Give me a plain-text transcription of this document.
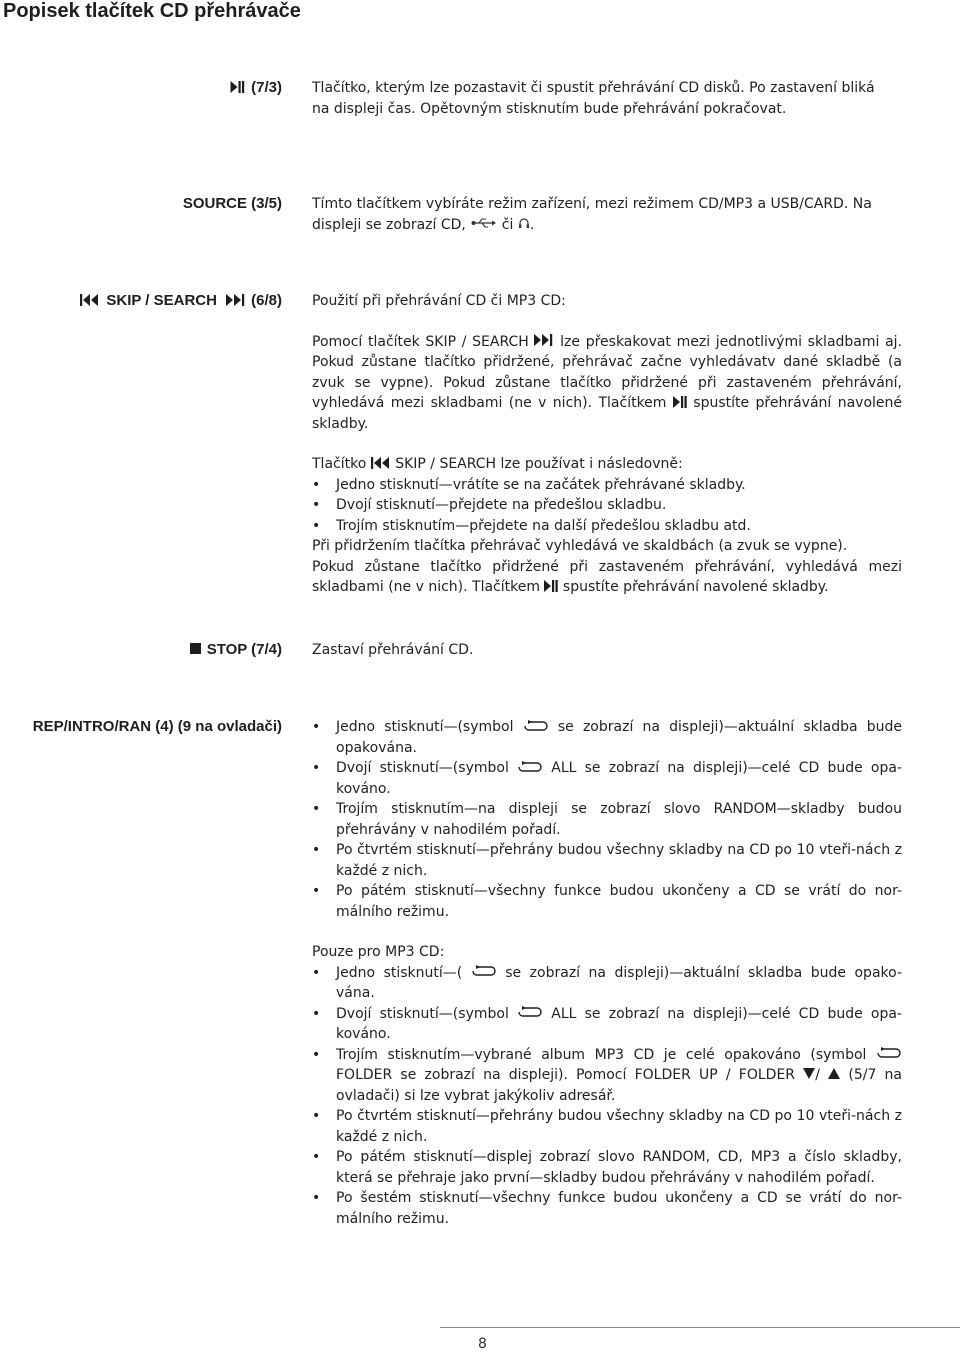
Popisek tlačítek CD přehrávače
(7/3) Tlačítko, kterým lze pozastavit či spustit přehrávání CD disků. Po zastavení bliká

na displeji čas. Opětovným stisknutím bude přehrávání pokračovat.

SOURCE (3/5) Tímto tlačítkem vybíráte režim zařízení, mezi režimem CD/MP3 a USB/CARD. Na

displeji se zobrazí CD,	či .

SKIP / SEARCH (6/8) Použití při přehrávání CD či MP3 CD:

Pomocí tlačítek SKIP / SEARCH lze přeskakovat mezi jednotlivými skladbami aj. Pokud zůstane tlačítko přidržené, přehrávač začne vyhledávatv dané skladbě (a zvuk se vypne). Pokud zůstane tlačítko přidržené při zastaveném přehrávání, vyhledává mezi skladbami (ne v nich). Tlačítkem spustíte přehrávání navolené skladby.

Tlačítko SKIP / SEARCH lze používat i následovně:

• Jedno stisknutí—vrátíte se na začátek přehrávané skladby.
• Dvojí stisknutí—přejdete na předešlou skladbu.
• Trojím stisknutím—přejdete na další předešlou skladbu atd.

Při přidržením tlačítka přehrávač vyhledává ve skaldbách (a zvuk se vypne).

Pokud zůstane tlačítko přidržené při zastaveném přehrávání, vyhledává mezi skladbami (ne v nich). Tlačítkem spustíte přehrávání navolené skladby.

STOP (7/4) Zastaví přehrávání CD.

REP/INTRO/RAN (4) (9 na ovladači) • Jedno stisknutí—(symbol	se zobrazí na displeji)—aktuální skladba bude opakována.
• Dvojí stisknutí—(symbol	ALL se zobrazí na displeji)—celé CD bude opa-kováno.
• Trojím stisknutím—na displeji se zobrazí slovo RANDOM—skladby budou přehrávány v nahodilém pořadí.
• Po čtvrtém stisknutí—přehrány budou všechny skladby na CD po 10 vteři-nách z každé z nich.
• Po pátém stisknutí—všechny funkce budou ukončeny a CD se vrátí do nor-málního režimu.

Pouze pro MP3 CD:

• Jedno stisknutí—(	se zobrazí na displeji)—aktuální skladba bude opako-vána.
• Dvojí stisknutí—(symbol	ALL se zobrazí na displeji)—celé CD bude opa-kováno.
• Trojím stisknutím—vybrané album MP3 CD je celé opakováno (symbol  FOLDER se zobrazí na displeji). Pomocí FOLDER UP / FOLDER /  (5/7 na ovladači) si lze vybrat jakýkoliv adresář.
• Po čtvrtém stisknutí—přehrány budou všechny skladby na CD po 10 vteři-nách z každé z nich.
• Po pátém stisknutí—displej zobrazí slovo RANDOM, CD, MP3 a číslo skladby, která se přehraje jako první—skladby budou přehrávány v nahodilém pořadí.
• Po šestém stisknutí—všechny funkce budou ukončeny a CD se vrátí do nor-málního režimu.
8
